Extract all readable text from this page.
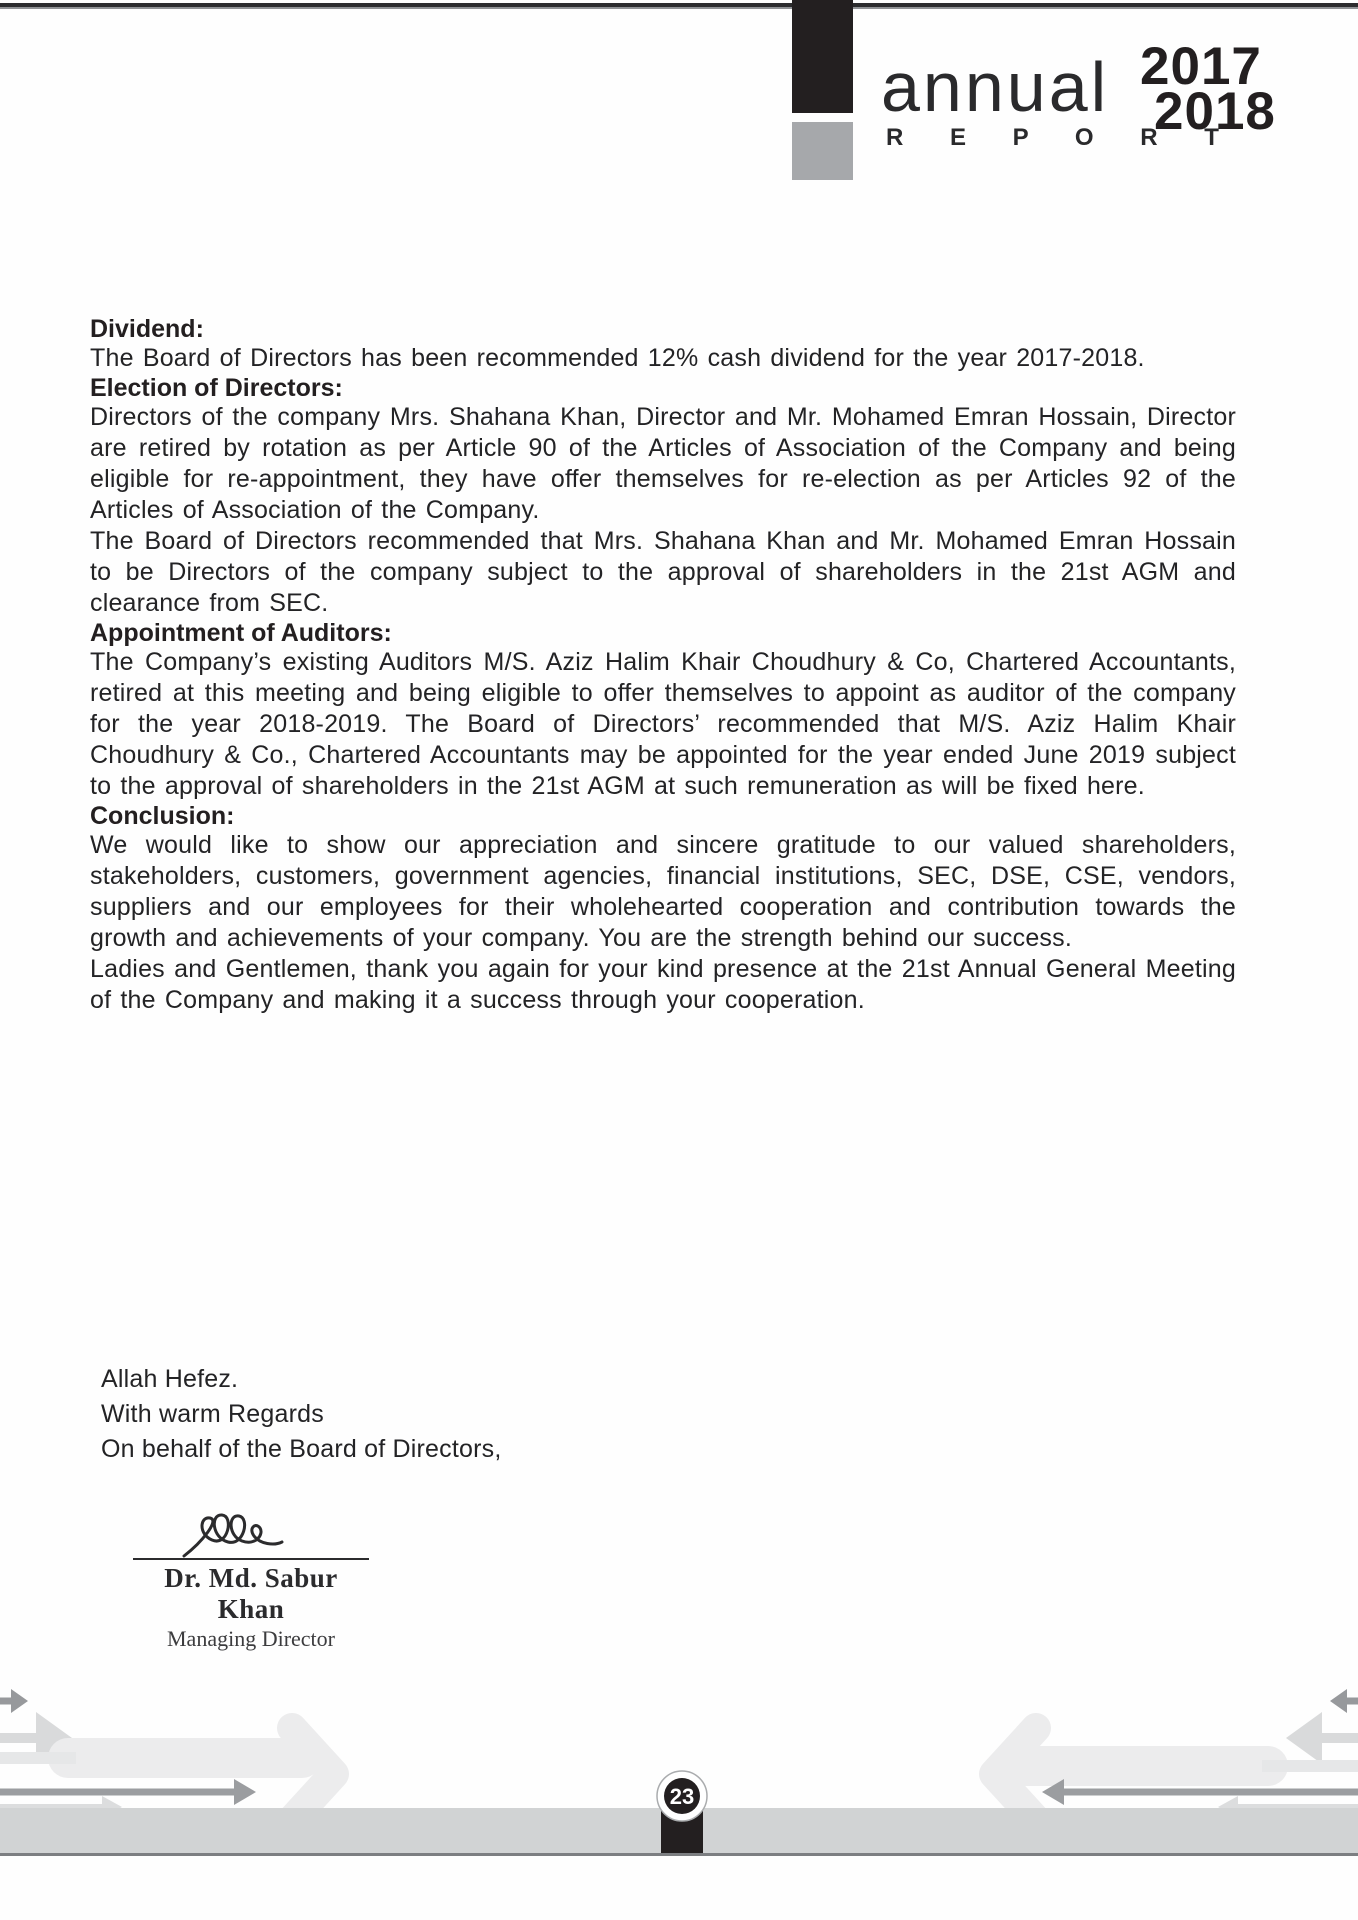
annual
R E P O R T
2017
2018
Dividend:

The Board of Directors has been recommended 12% cash dividend for the year 2017-2018.

Election of Directors:

Directors of the company Mrs. Shahana Khan, Director and Mr. Mohamed Emran Hossain, Director are retired by rotation as per Article 90 of the Articles of Association of the Company and being eligible for re-appointment, they have offer themselves for re-election as per Articles 92 of the Articles of Association of the Company.

The Board of Directors recommended that Mrs. Shahana Khan and Mr. Mohamed Emran Hossain to be Directors of the company subject to the approval of shareholders in the 21st AGM and clearance from SEC.

Appointment of Auditors:

The Company’s existing Auditors M/S. Aziz Halim Khair Choudhury & Co, Chartered Accountants, retired at this meeting and being eligible to offer themselves to appoint as auditor of the company for the year 2018-2019. The Board of Directors’ recommended that M/S. Aziz Halim Khair Choudhury & Co., Chartered Accountants may be appointed for the year ended June 2019 subject to the approval of shareholders in the 21st AGM at such remuneration as will be fixed here.

Conclusion:

We would like to show our appreciation and sincere gratitude to our valued shareholders, stakeholders, customers, government agencies, financial institutions, SEC, DSE, CSE, vendors, suppliers and our employees for their wholehearted cooperation and contribution towards the growth and achievements of your company. You are the strength behind our success.

Ladies and Gentlemen, thank you again for your kind presence at the 21st Annual General Meeting of the Company and making it a success through your cooperation.

Allah Hefez.
With warm Regards
On behalf of the Board of Directors,
Dr. Md. Sabur Khan
Managing Director
23
